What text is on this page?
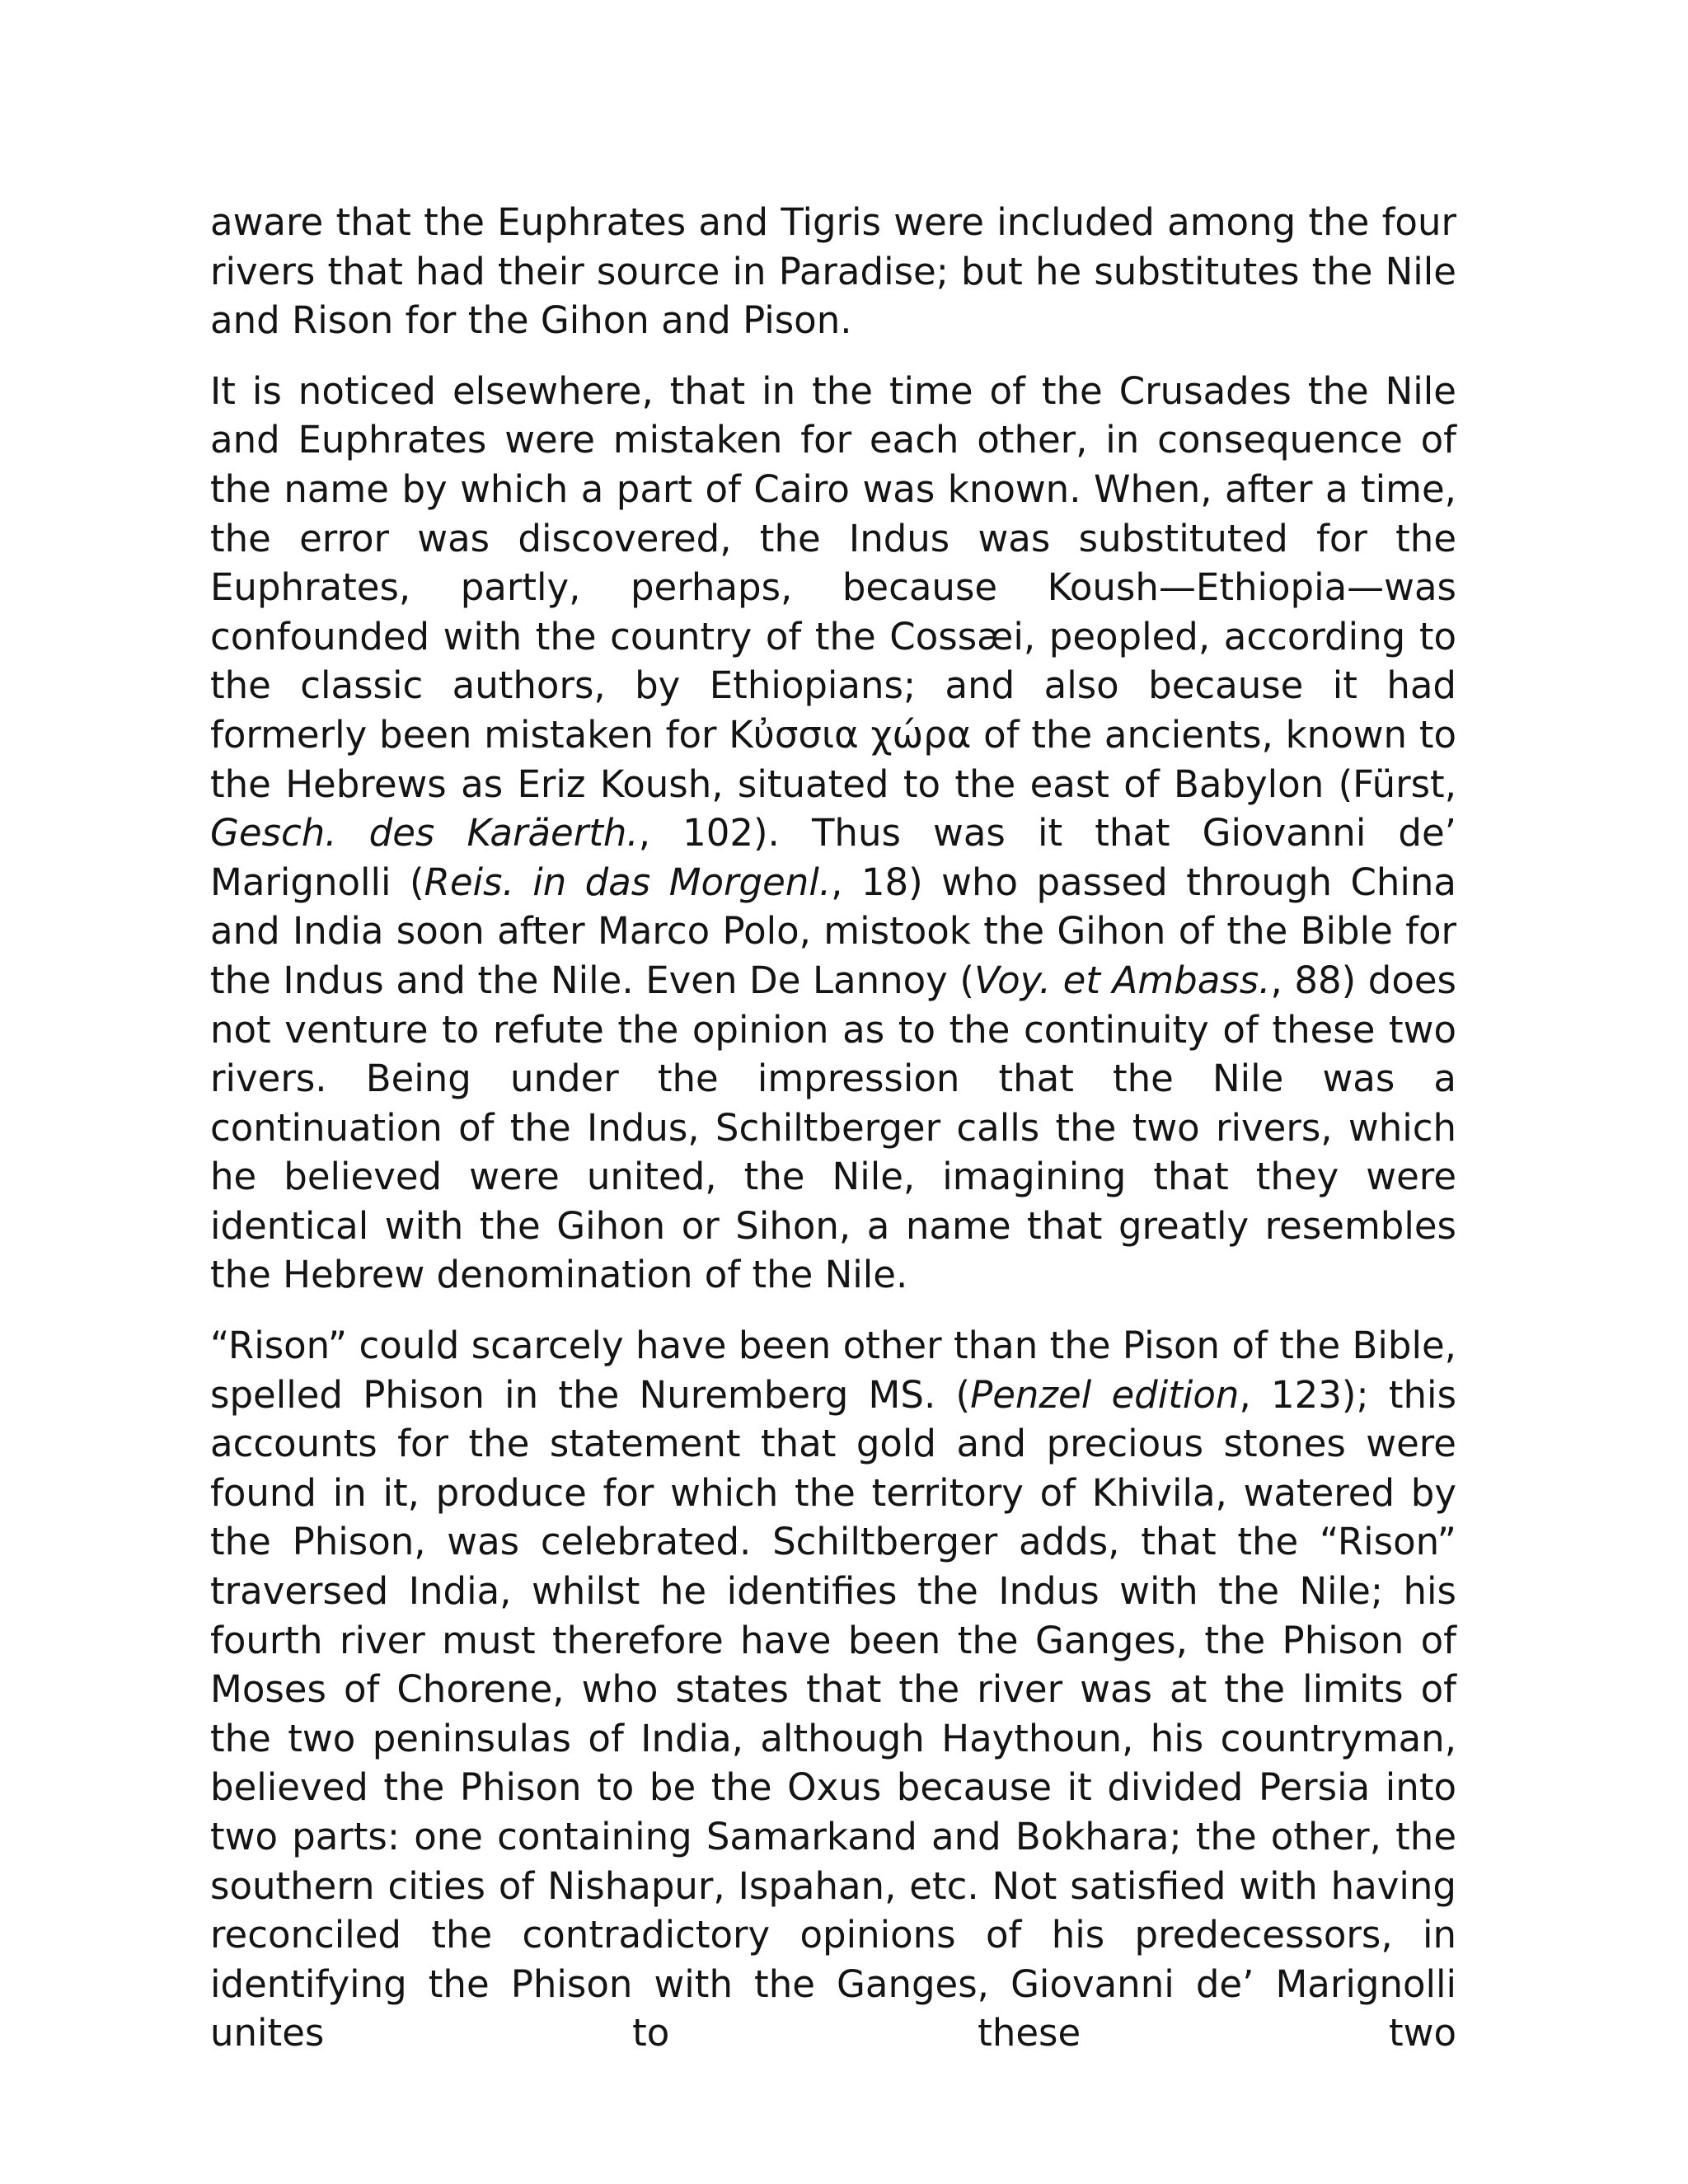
aware that the Euphrates and Tigris were included among the four rivers that had their source in Paradise; but he substitutes the Nile and Rison for the Gihon and Pison.

It is noticed elsewhere, that in the time of the Crusades the Nile and Euphrates were mistaken for each other, in consequence of the name by which a part of Cairo was known. When, after a time, the error was discovered, the Indus was substituted for the Euphrates, partly, perhaps, because Koush—Ethiopia—was confounded with the country of the Cossæi, peopled, according to the classic authors, by Ethiopians; and also because it had formerly been mistaken for Κὐσσια χώρα of the ancients, known to the Hebrews as Eriz Koush, situated to the east of Babylon (Fürst, Gesch. des Karäerth., 102). Thus was it that Giovanni de’ Marignolli (Reis. in das Morgenl., 18) who passed through China and India soon after Marco Polo, mistook the Gihon of the Bible for the Indus and the Nile. Even De Lannoy (Voy. et Ambass., 88) does not venture to refute the opinion as to the continuity of these two rivers. Being under the impression that the Nile was a continuation of the Indus, Schiltberger calls the two rivers, which he believed were united, the Nile, imagining that they were identical with the Gihon or Sihon, a name that greatly resembles the Hebrew denomination of the Nile.

“Rison” could scarcely have been other than the Pison of the Bible, spelled Phison in the Nuremberg MS. (Penzel edition, 123); this accounts for the statement that gold and precious stones were found in it, produce for which the territory of Khivila, watered by the Phison, was celebrated. Schiltberger adds, that the “Rison” traversed India, whilst he identifies the Indus with the Nile; his fourth river must therefore have been the Ganges, the Phison of Moses of Chorene, who states that the river was at the limits of the two peninsulas of India, although Haythoun, his countryman, believed the Phison to be the Oxus because it divided Persia into two parts: one containing Samarkand and Bokhara; the other, the southern cities of Nishapur, Ispahan, etc. Not satisfied with having reconciled the contradictory opinions of his predecessors, in identifying the Phison with the Ganges, Giovanni de’ Marignolli unites to these two
